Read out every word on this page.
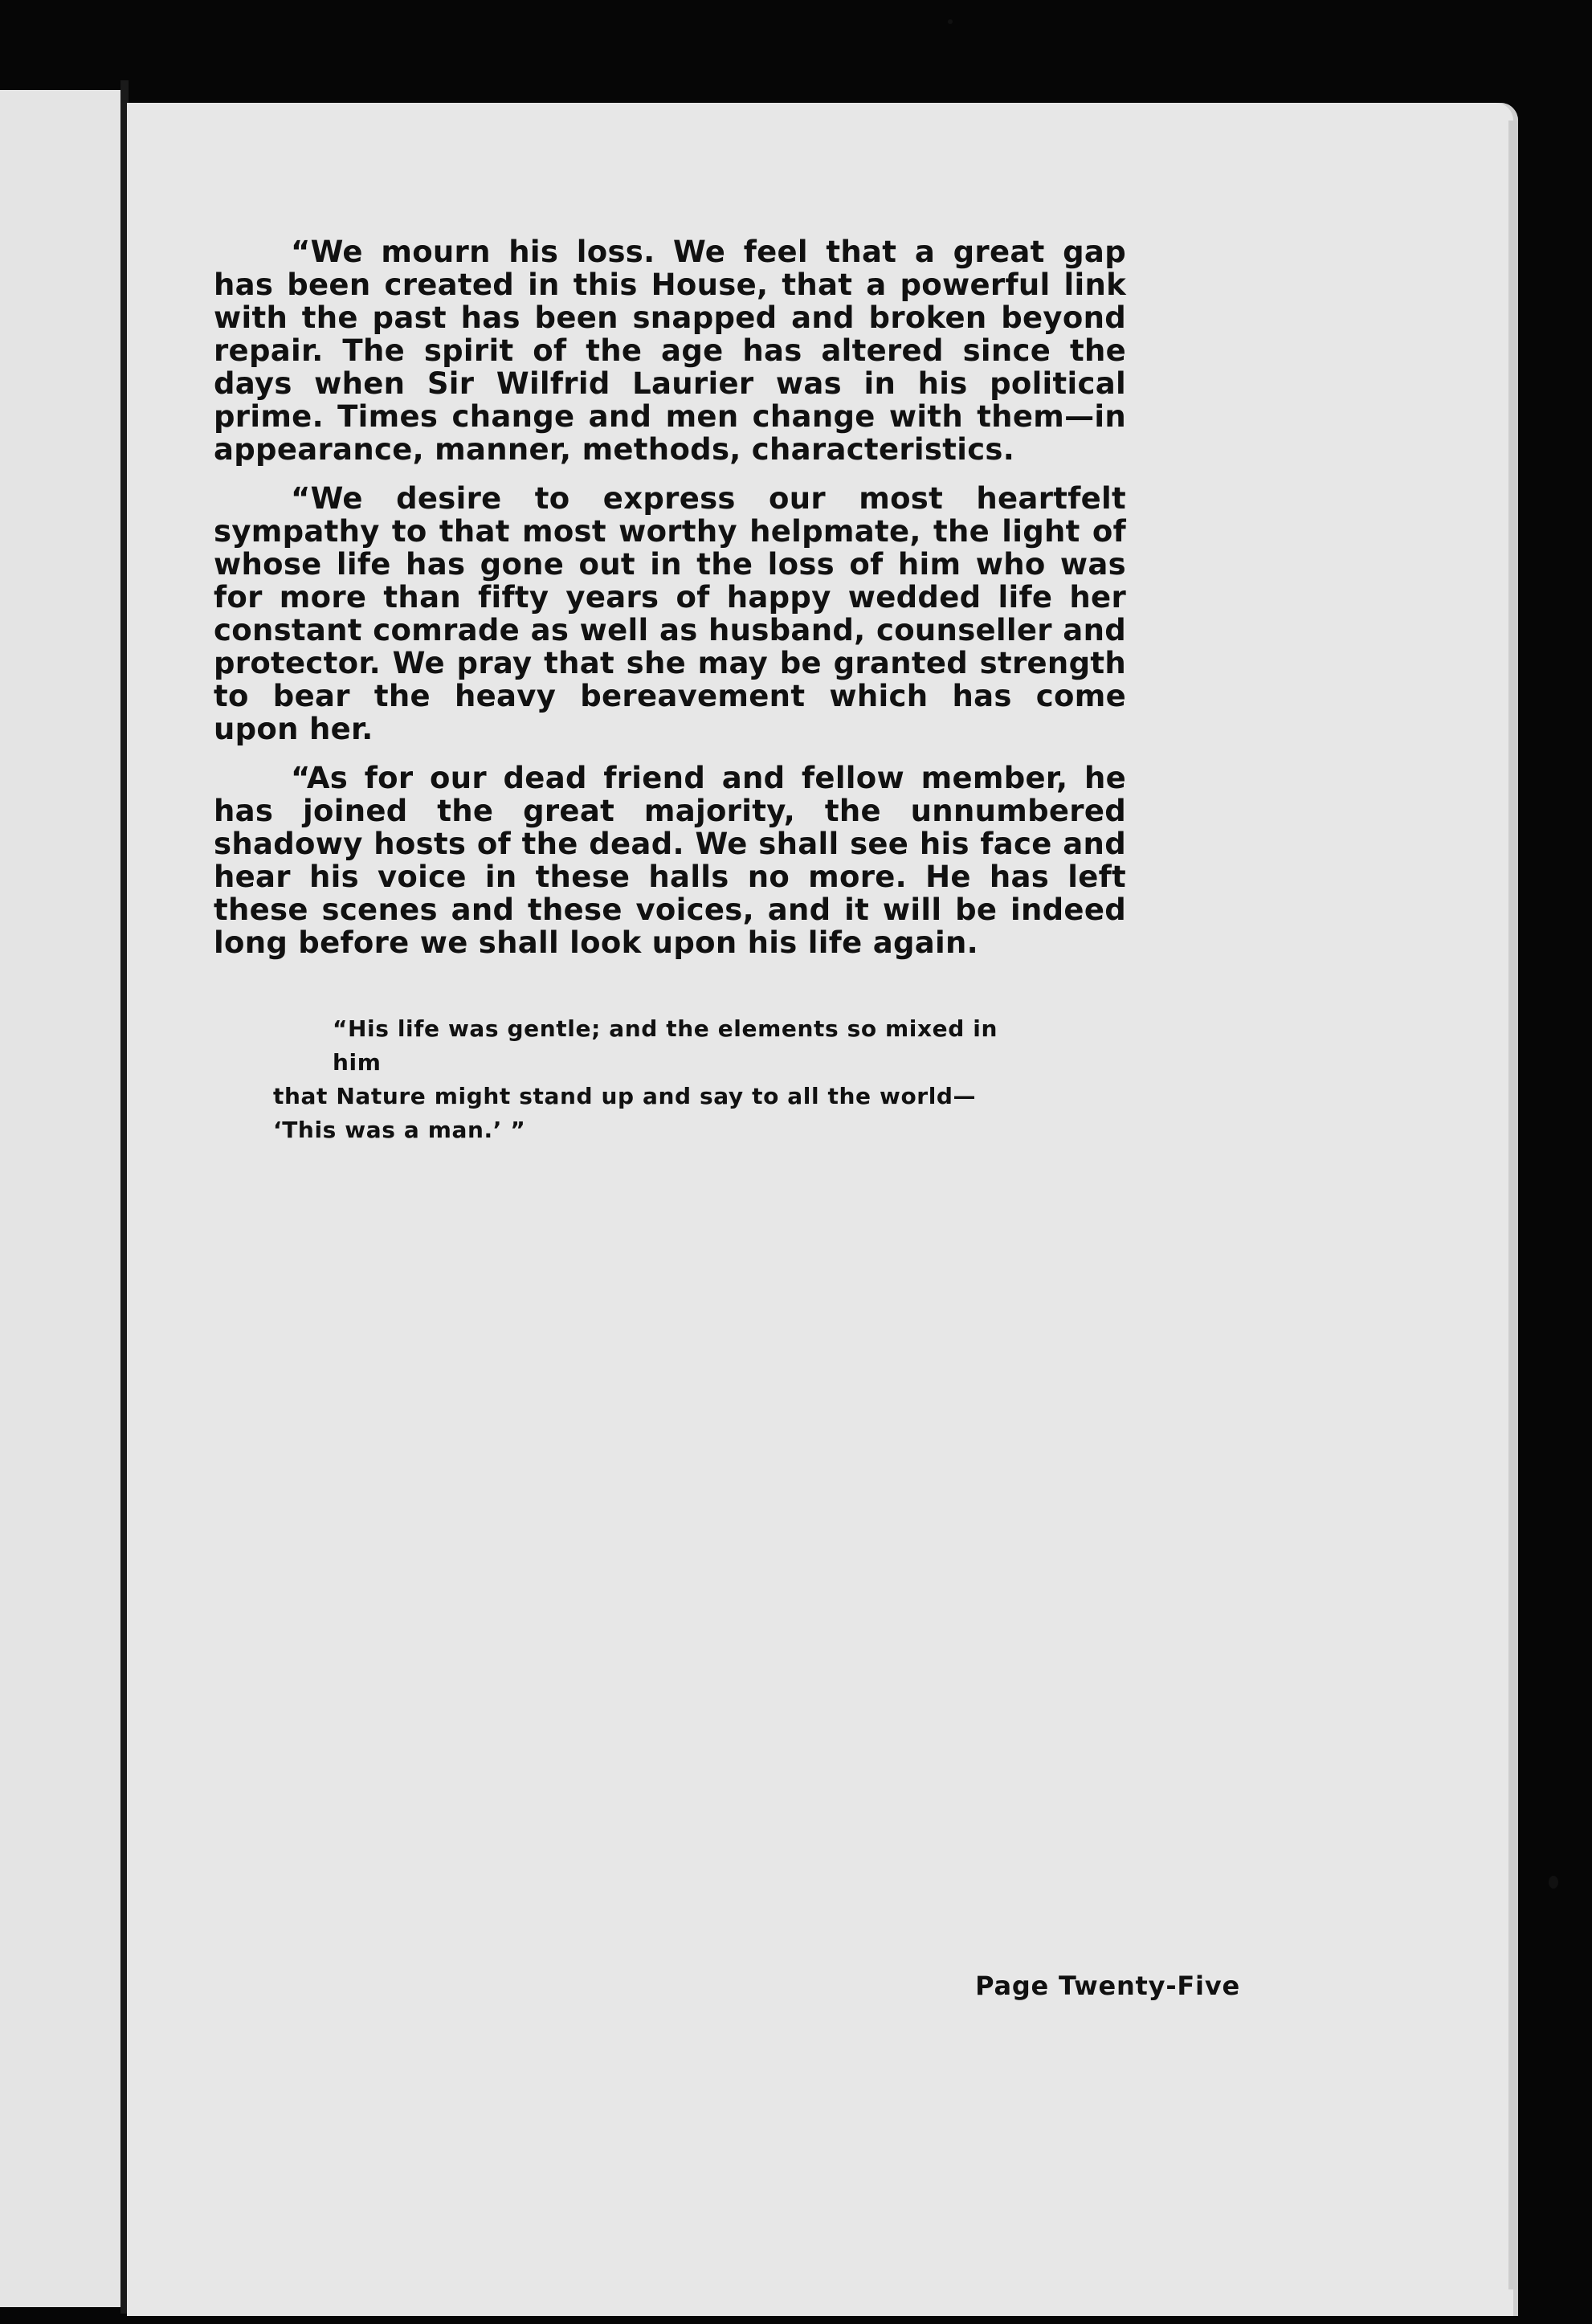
“We mourn his loss. We feel that a great gap has been created in this House, that a powerful link with the past has been snapped and broken beyond repair. The spirit of the age has altered since the days when Sir Wilfrid Laurier was in his political prime. Times change and men change with them—in appearance, manner, methods, characteristics.

“We desire to express our most heartfelt sympathy to that most worthy helpmate, the light of whose life has gone out in the loss of him who was for more than fifty years of happy wedded life her constant comrade as well as husband, counseller and protector. We pray that she may be granted strength to bear the heavy bereavement which has come upon her.

“As for our dead friend and fellow member, he has joined the great majority, the unnumbered shadowy hosts of the dead. We shall see his face and hear his voice in these halls no more. He has left these scenes and these voices, and it will be indeed long before we shall look upon his life again.

“His life was gentle; and the elements so mixed in him
that Nature might stand up and say to all the world—
‘This was a man.’ ”
Page Twenty-Five
